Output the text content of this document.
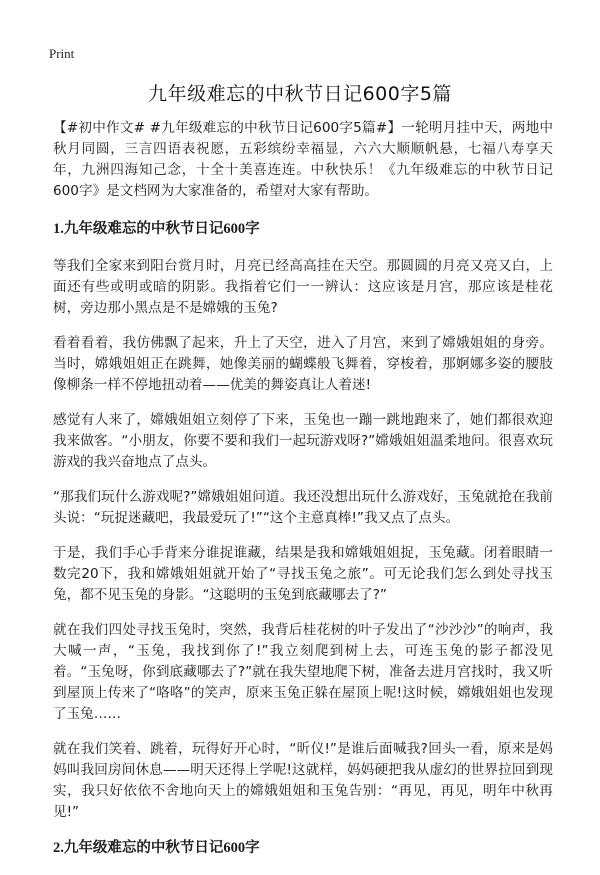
Print
九年级难忘的中秋节日记600字5篇

【#初中作文# #九年级难忘的中秋节日记600字5篇#】一轮明月挂中天，两地中秋月同圆，三言四语表祝愿，五彩缤纷幸福显，六六大顺顺帆悬，七福八寿享天年，九洲四海知己念，十全十美喜连连。中秋快乐！《九年级难忘的中秋节日记600字》是文档网为大家准备的，希望对大家有帮助。

1.九年级难忘的中秋节日记600字

等我们全家来到阳台赏月时，月亮已经高高挂在天空。那圆圆的月亮又亮又白，上面还有些或明或暗的阴影。我指着它们一一辨认：这应该是月宫，那应该是桂花树，旁边那小黑点是不是嫦娥的玉兔?

看着看着，我仿佛飘了起来，升上了天空，进入了月宫，来到了嫦娥姐姐的身旁。当时，嫦娥姐姐正在跳舞，她像美丽的蝴蝶般飞舞着，穿梭着，那婀娜多姿的腰肢像柳条一样不停地扭动着——优美的舞姿真让人着迷!

感觉有人来了，嫦娥姐姐立刻停了下来，玉兔也一蹦一跳地跑来了，她们都很欢迎我来做客。“小朋友，你要不要和我们一起玩游戏呀?”嫦娥姐姐温柔地问。很喜欢玩游戏的我兴奋地点了点头。

“那我们玩什么游戏呢?”嫦娥姐姐问道。我还没想出玩什么游戏好，玉兔就抢在我前头说：“玩捉迷藏吧，我最爱玩了!”“这个主意真棒!”我又点了点头。

于是，我们手心手背来分谁捉谁藏，结果是我和嫦娥姐姐捉，玉兔藏。闭着眼睛一数完20下，我和嫦娥姐姐就开始了“寻找玉兔之旅”。可无论我们怎么到处寻找玉兔，都不见玉兔的身影。“这聪明的玉兔到底藏哪去了?”

就在我们四处寻找玉兔时，突然，我背后桂花树的叶子发出了“沙沙沙”的响声，我大喊一声，“玉兔，我找到你了!”我立刻爬到树上去，可连玉兔的影子都没见着。“玉兔呀，你到底藏哪去了?”就在我失望地爬下树，准备去进月宫找时，我又听到屋顶上传来了“咯咯”的笑声，原来玉兔正躲在屋顶上呢!这时候，嫦娥姐姐也发现了玉兔……

就在我们笑着、跳着，玩得好开心时，“昕仪!”是谁后面喊我?回头一看，原来是妈妈叫我回房间休息——明天还得上学呢!这就样，妈妈硬把我从虚幻的世界拉回到现实，我只好依依不舍地向天上的嫦娥姐姐和玉兔告别：“再见，再见，明年中秋再见!”

2.九年级难忘的中秋节日记600字
